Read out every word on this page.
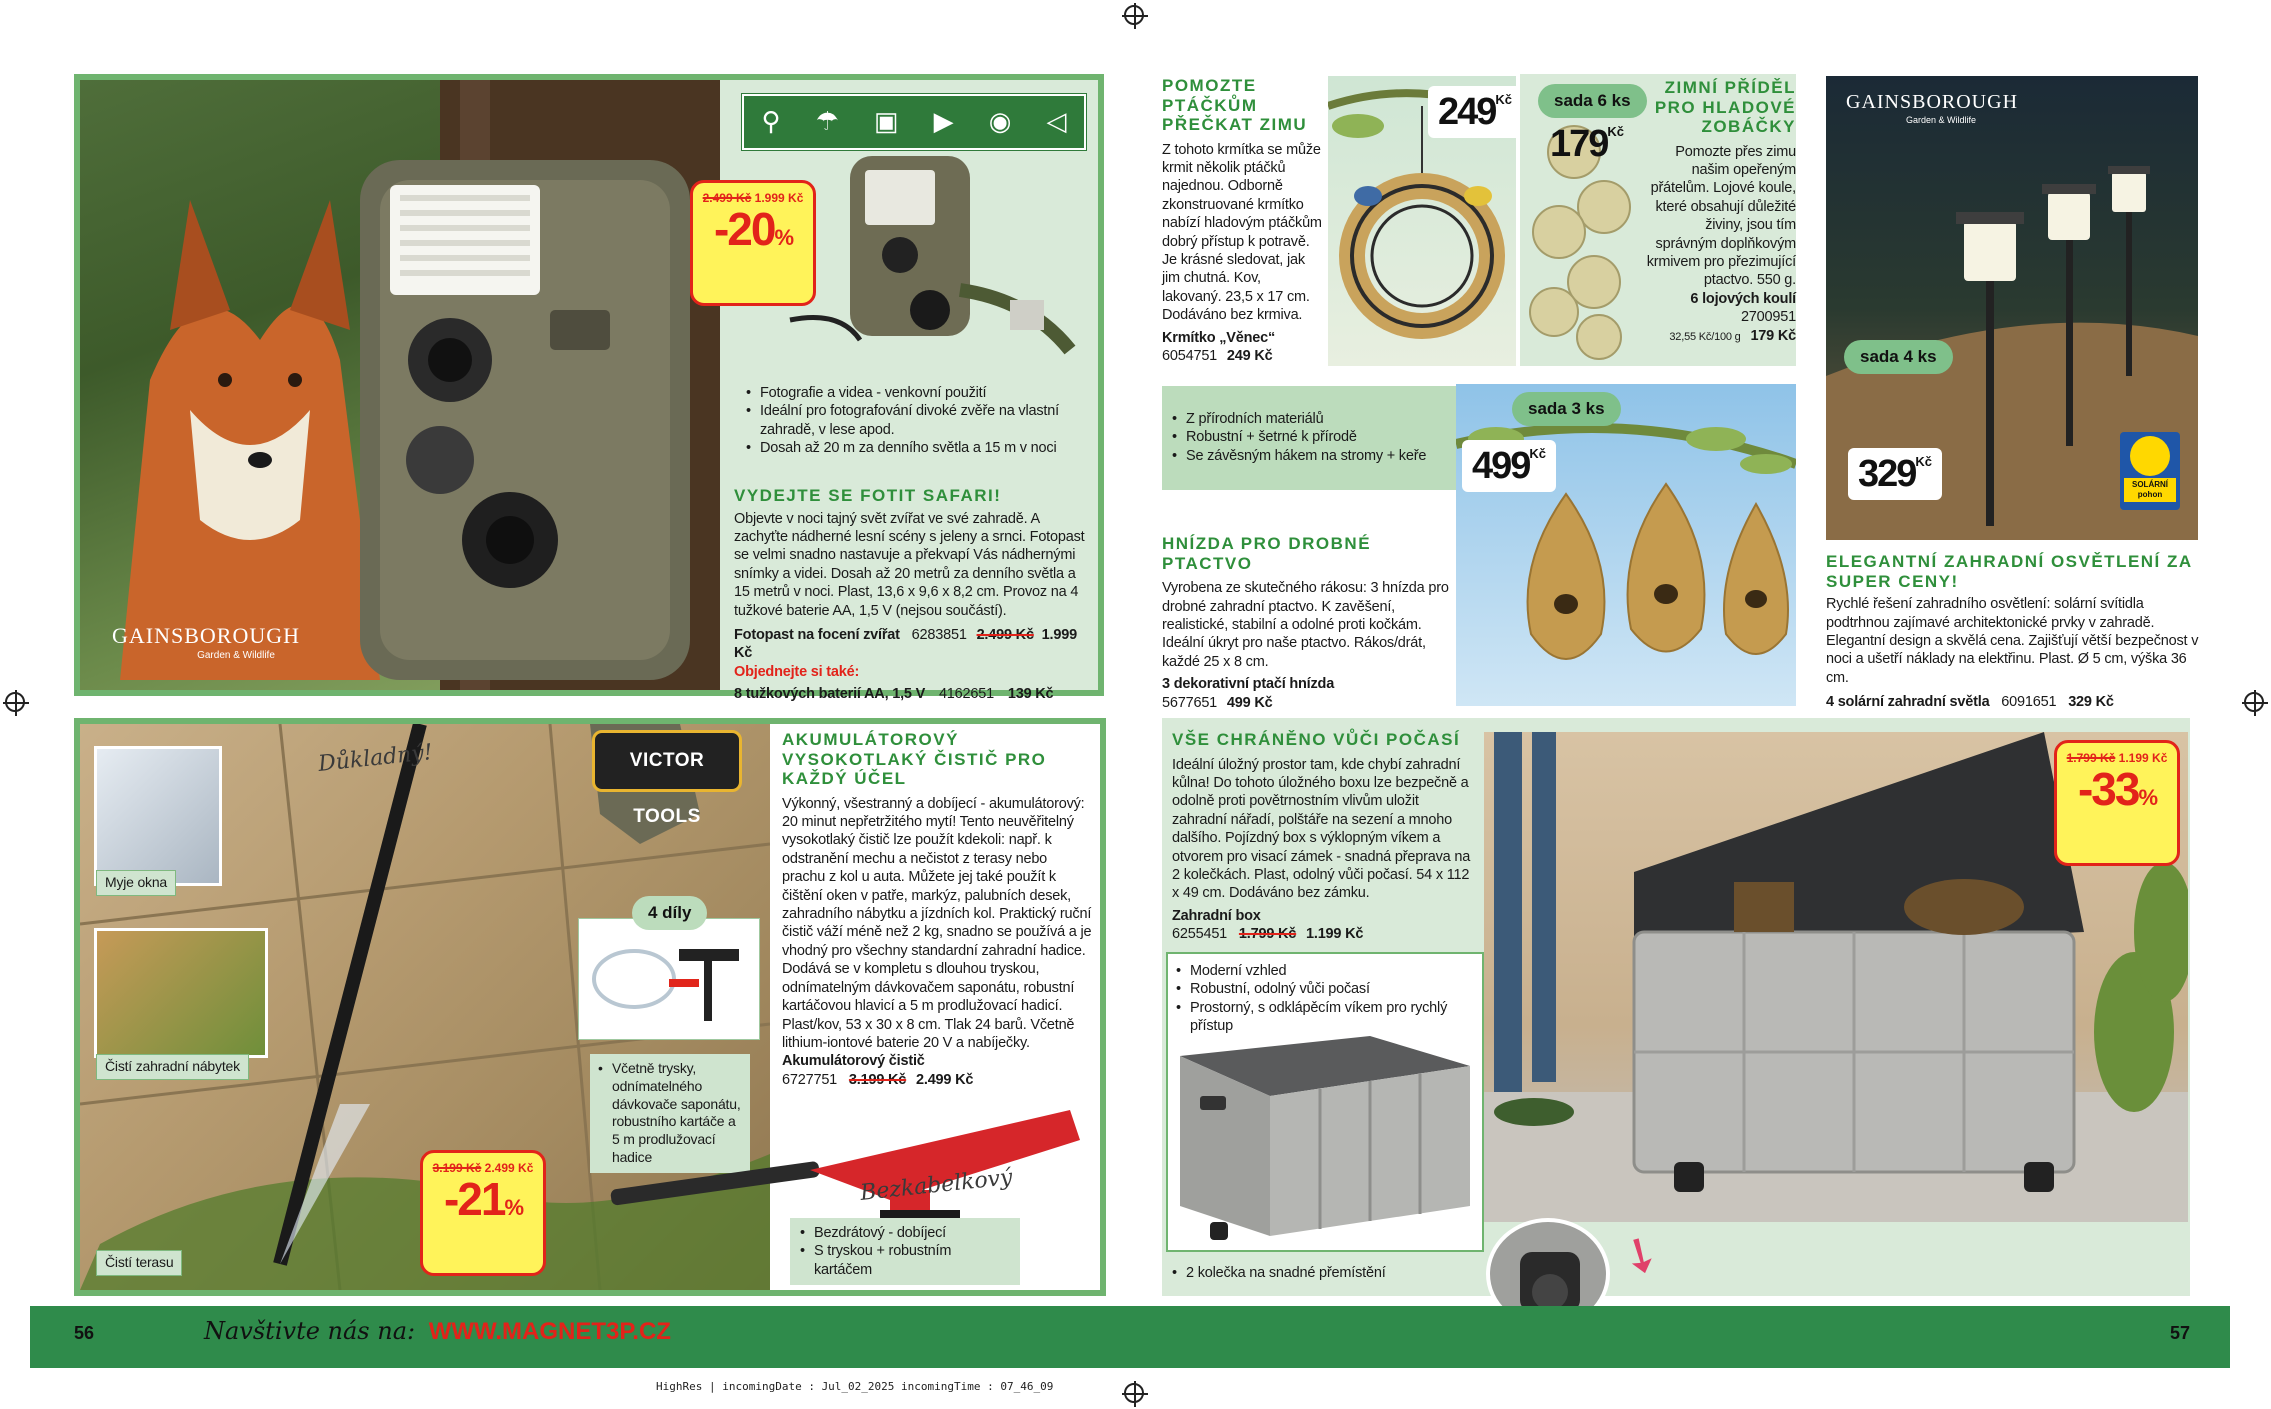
GAINSBOROUGH
Garden & Wildlife
⚲ ☂ ▣ ▶ ◉ ◁
2.499 Kč 1.999 Kč
-20%
• Fotografie a videa - venkovní použití
• Ideální pro fotografování divoké zvěře na vlastní zahradě, v lese apod.
• Dosah až 20 m za denního světla a 15 m v noci
VYDEJTE SE FOTIT SAFARI!
Objevte v noci tajný svět zvířat ve své zahradě. A zachyťte nádherné lesní scény s jeleny a srnci. Fotopast se velmi snadno nastavuje a překvapí Vás nádhernými snímky a videi. Dosah až 20 metrů za denního světla a 15 metrů v noci. Plast, 13,6 x 9,6 x 8,2 cm. Provoz na 4 tužkové baterie AA, 1,5 V (nejsou součástí).
Fotopast na focení zvířat 6283851 2.499 Kč 1.999 Kč
Objednejte si také:
8 tužkových baterií AA, 1,5 V 4162651 139 Kč
POMOZTE PTÁČKŮM PŘEČKAT ZIMU
Z tohoto krmítka se může krmit několik ptáčků najednou. Odborně zkonstruované krmítko nabízí hladovým ptáčkům dobrý přístup k potravě. Je krásné sledovat, jak jim chutná. Kov, lakovaný. 23,5 x 17 cm. Dodáváno bez krmiva.
Krmítko „Věnec“
6054751 249 Kč
$249^{Kč}$	sada 6 ks
$179^{Kč}$
ZIMNÍ PŘÍDĚL PRO HLADOVÉ ZOBÁČKY
Pomozte přes zimu našim opeřeným přátelům. Lojové koule, které obsahují důležité živiny, jsou tím správným doplňkovým krmivem pro přezimující ptactvo. 550 g.
6 lojových koulí
2700951
32,55 Kč/100 g 179 Kč
• Z přírodních materiálů
• Robustní + šetrné k přírodě
• Se závěsným hákem na stromy + keře
sada 3 ks
$499^{Kč}$
HNÍZDA PRO DROBNÉ PTACTVO
Vyrobena ze skutečného rákosu: 3 hnízda pro drobné zahradní ptactvo. K zavěšení, realistické, stabilní a odolné proti kočkám. Ideální úkryt pro naše ptactvo. Rákos/drát, každé 25 x 8 cm.
3 dekorativní ptačí hnízda
5677651 499 Kč
GAINSBOROUGH
Garden & Wildlife
sada 4 ks
$329^{Kč}$
SOLÁRNÍ pohon
ELEGANTNÍ ZAHRADNÍ OSVĚTLENÍ ZA SUPER CENY!
Rychlé řešení zahradního osvětlení: solární svítidla podtrhnou zajímavé architektonické prvky v zahradě. Elegantní design a skvělá cena. Zajišťují větší bezpečnost v noci a ušetří náklady na elektřinu. Plast. Ø 5 cm, výška 36 cm.
4 solární zahradní světla 6091651 329 Kč
Důkladný!	VICTOR TOOLS
Myje okna
Čistí zahradní nábytek
Čistí terasu
4 díly
• Včetně trysky, odnímatelného dávkovače saponátu, robustního kartáče a 5 m prodlužovací hadice
3.199 Kč 2.499 Kč
-21%
AKUMULÁTOROVÝ VYSOKOTLAKÝ ČISTIČ PRO KAŽDÝ ÚČEL
Výkonný, všestranný a dobíjecí - akumulátorový: 20 minut nepřetržitého mytí! Tento neuvěřitelný vysokotlaký čistič lze použít kdekoli: např. k odstranění mechu a nečistot z terasy nebo prachu z kol u auta. Můžete jej také použít k čištění oken v patře, markýz, palubních desek, zahradního nábytku a jízdních kol. Praktický ruční čistič váží méně než 2 kg, snadno se používá a je vhodný pro všechny standardní zahradní hadice. Dodává se v kompletu s dlouhou tryskou, odnímatelným dávkovačem saponátu, robustní kartáčovou hlavicí a 5 m prodlužovací hadicí. Plast/kov, 53 x 30 x 8 cm. Tlak 24 barů. Včetně lithium-iontové baterie 20 V a nabíječky.
Akumulátorový čistič
6727751 3.199 Kč 2.499 Kč
Bezkabelkový
• Bezdrátový - dobíjecí
• S tryskou + robustním kartáčem
VŠE CHRÁNĚNO VŮČI POČASÍ
Ideální úložný prostor tam, kde chybí zahradní kůlna! Do tohoto úložného boxu lze bezpečně a odolně proti povětrnostním vlivům uložit zahradní nářadí, polštáře na sezení a mnoho dalšího. Pojízdný box s výklopným víkem a otvorem pro visací zámek - snadná přeprava na 2 kolečkách. Plast, odolný vůči počasí. 54 x 112 x 49 cm. Dodáváno bez zámku.
Zahradní box
6255451 1.799 Kč 1.199 Kč
1.799 Kč 1.199 Kč
-33%
• Moderní vzhled
• Robustní, odolný vůči počasí
• Prostorný, s odklápěcím víkem pro rychlý přístup
➘
• 2 kolečka na snadné přemístění
56	Navštivte nás na: WWW.MAGNET3P.CZ	57
HighRes | incomingDate : Jul_02_2025 incomingTime : 07_46_09
